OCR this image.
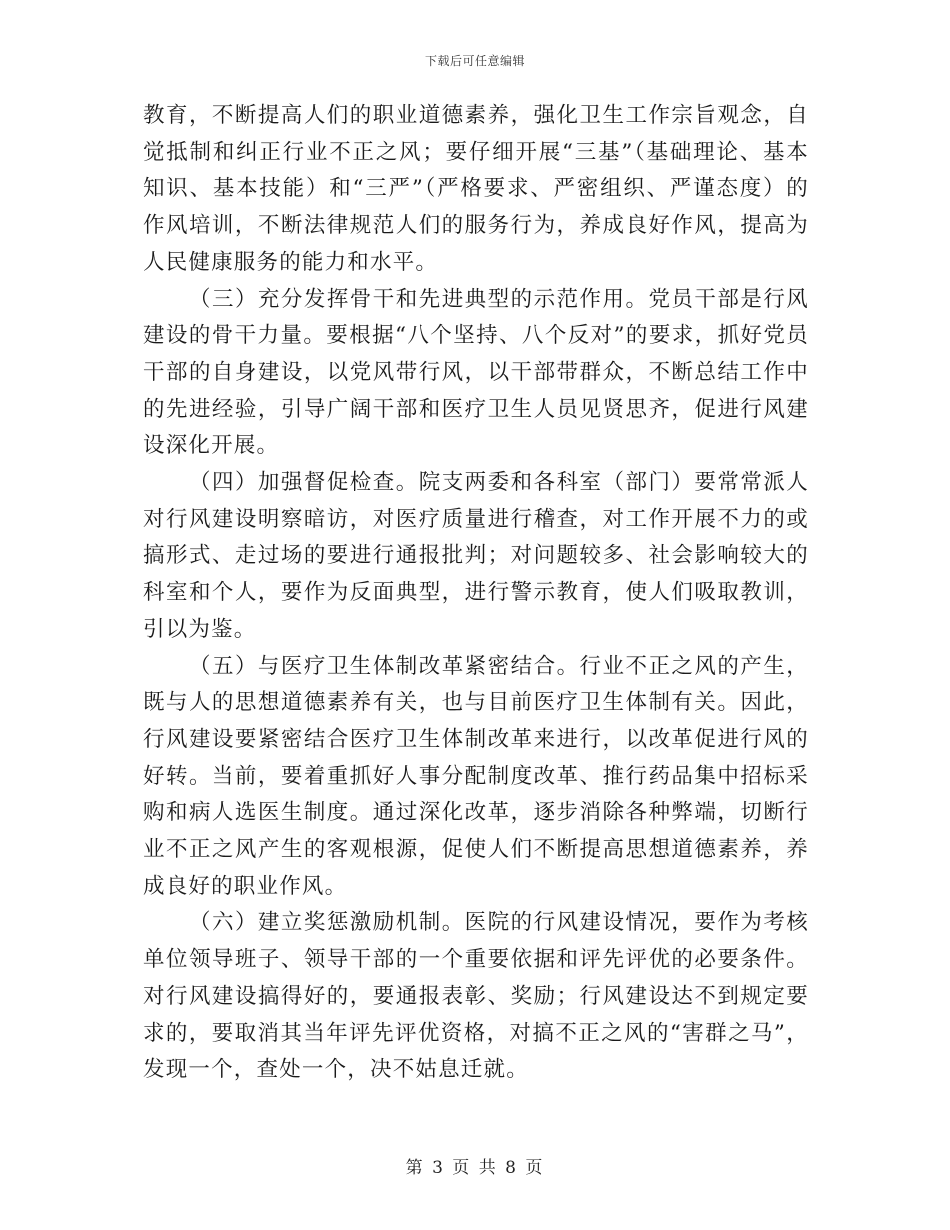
下载后可任意编辑

教育，不断提高人们的职业道德素养，强化卫生工作宗旨观念，自觉抵制和纠正行业不正之风；要仔细开展“三基”（基础理论、基本知识、基本技能）和“三严”（严格要求、严密组织、严谨态度）的作风培训，不断法律规范人们的服务行为，养成良好作风，提高为人民健康服务的能力和水平。

（三）充分发挥骨干和先进典型的示范作用。党员干部是行风建设的骨干力量。要根据“八个坚持、八个反对”的要求，抓好党员干部的自身建设，以党风带行风，以干部带群众，不断总结工作中的先进经验，引导广阔干部和医疗卫生人员见贤思齐，促进行风建设深化开展。

（四）加强督促检查。院支两委和各科室（部门）要常常派人对行风建设明察暗访，对医疗质量进行稽查，对工作开展不力的或搞形式、走过场的要进行通报批判；对问题较多、社会影响较大的科室和个人，要作为反面典型，进行警示教育，使人们吸取教训，引以为鉴。

（五）与医疗卫生体制改革紧密结合。行业不正之风的产生，既与人的思想道德素养有关，也与目前医疗卫生体制有关。因此，行风建设要紧密结合医疗卫生体制改革来进行，以改革促进行风的好转。当前，要着重抓好人事分配制度改革、推行药品集中招标采购和病人选医生制度。通过深化改革，逐步消除各种弊端，切断行业不正之风产生的客观根源，促使人们不断提高思想道德素养，养成良好的职业作风。

（六）建立奖惩激励机制。医院的行风建设情况，要作为考核单位领导班子、领导干部的一个重要依据和评先评优的必要条件。对行风建设搞得好的，要通报表彰、奖励；行风建设达不到规定要求的，要取消其当年评先评优资格，对搞不正之风的“害群之马”，发现一个，查处一个，决不姑息迁就。

第 3 页 共 8 页
